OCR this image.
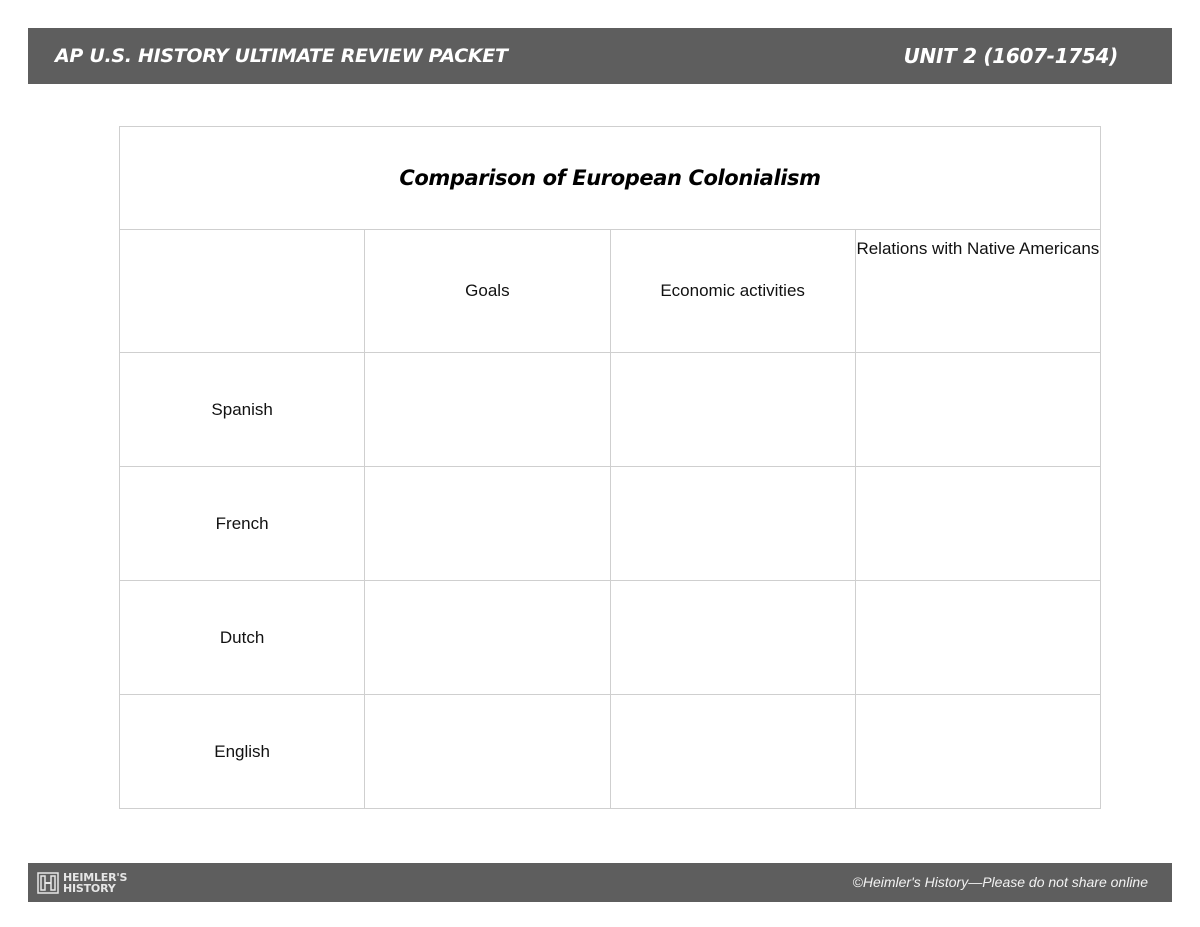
AP U.S. HISTORY ULTIMATE REVIEW PACKET	UNIT 2 (1607-1754)
Comparison of European Colonialism			
	Goals	Economic activities	Relations with Native Americans
Spanish			
French			
Dutch			
English			
HEIMLER'S
HISTORY	©Heimler's History—Please do not share online
